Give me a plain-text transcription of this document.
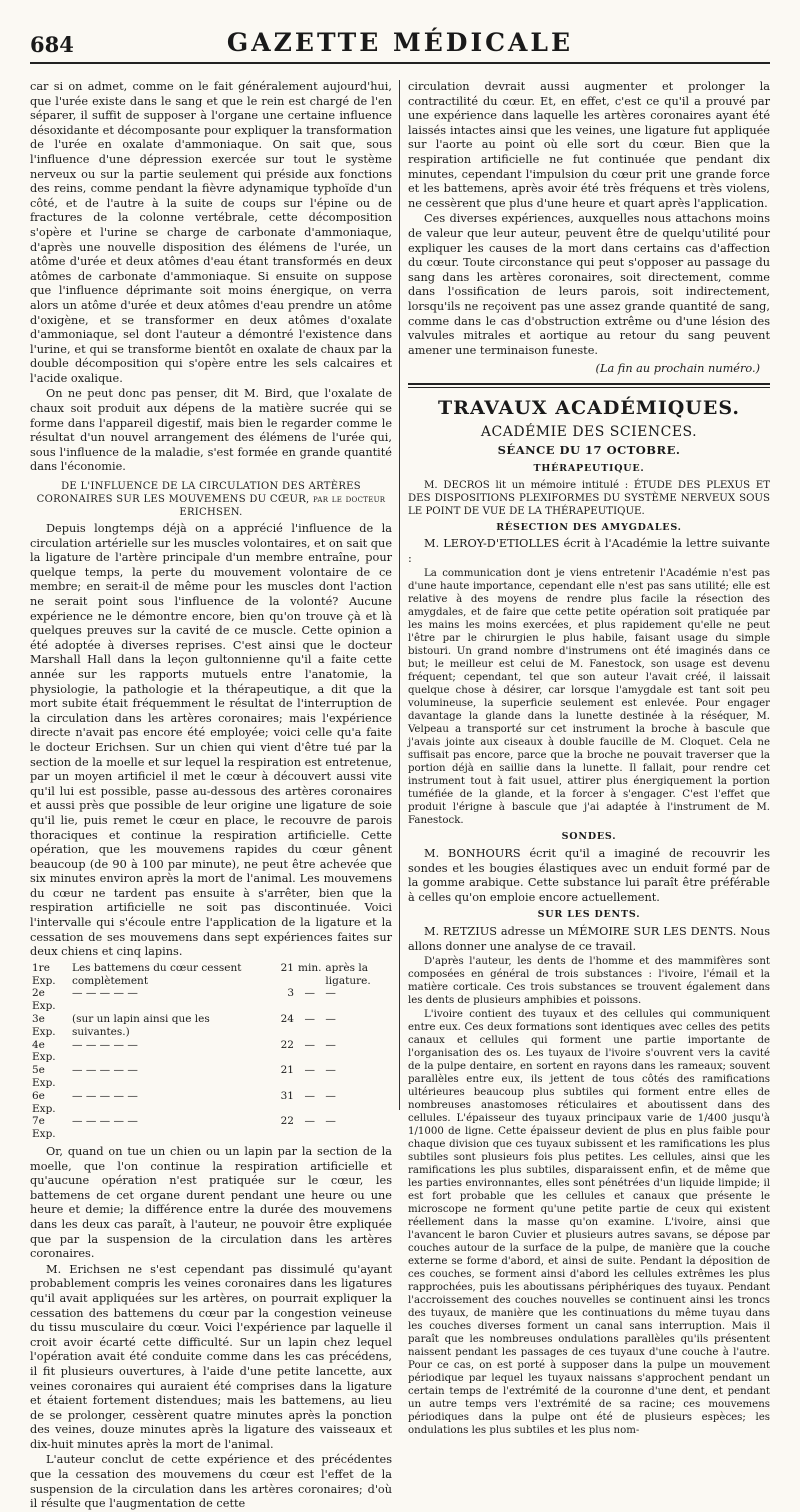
684	GAZETTE MÉDICALE

car si on admet, comme on le fait généralement aujourd'hui, que l'urée existe dans le sang et que le rein est chargé de l'en séparer, il suffit de supposer à l'organe une certaine influence désoxidante et décomposante pour expliquer la transformation de l'urée en oxalate d'ammoniaque. On sait que, sous l'influence d'une dépression exercée sur tout le système nerveux ou sur la partie seulement qui préside aux fonctions des reins, comme pendant la fièvre adynamique typhoïde d'un côté, et de l'autre à la suite de coups sur l'épine ou de fractures de la colonne vertébrale, cette décomposition s'opère et l'urine se charge de carbonate d'ammoniaque, d'après une nouvelle disposition des élémens de l'urée, un atôme d'urée et deux atômes d'eau étant transformés en deux atômes de carbonate d'ammoniaque. Si ensuite on suppose que l'influence déprimante soit moins énergique, on verra alors un atôme d'urée et deux atômes d'eau prendre un atôme d'oxigène, et se transformer en deux atômes d'oxalate d'ammoniaque, sel dont l'auteur a démontré l'existence dans l'urine, et qui se transforme bientôt en oxalate de chaux par la double décomposition qui s'opère entre les sels calcaires et l'acide oxalique.

On ne peut donc pas penser, dit M. Bird, que l'oxalate de chaux soit produit aux dépens de la matière sucrée qui se forme dans l'appareil digestif, mais bien le regarder comme le résultat d'un nouvel arrangement des élémens de l'urée qui, sous l'influence de la maladie, s'est formée en grande quantité dans l'économie.

DE L'INFLUENCE DE LA CIRCULATION DES ARTÈRES CORONAIRES SUR LES MOUVEMENS DU CŒUR, par le docteur ERICHSEN.

Depuis longtemps déjà on a apprécié l'influence de la circulation artérielle sur les muscles volontaires, et on sait que la ligature de l'artère principale d'un membre entraîne, pour quelque temps, la perte du mouvement volontaire de ce membre; en serait-il de même pour les muscles dont l'action ne serait point sous l'influence de la volonté? Aucune expérience ne le démontre encore, bien qu'on trouve çà et là quelques preuves sur la cavité de ce muscle. Cette opinion a été adoptée à diverses reprises. C'est ainsi que le docteur Marshall Hall dans la leçon gultonnienne qu'il a faite cette année sur les rapports mutuels entre l'anatomie, la physiologie, la pathologie et la thérapeutique, a dit que la mort subite était fréquemment le résultat de l'interruption de la circulation dans les artères coronaires; mais l'expérience directe n'avait pas encore été employée; voici celle qu'a faite le docteur Erichsen. Sur un chien qui vient d'être tué par la section de la moelle et sur lequel la respiration est entretenue, par un moyen artificiel il met le cœur à découvert aussi vite qu'il lui est possible, passe au-dessous des artères coronaires et aussi près que possible de leur origine une ligature de soie qu'il lie, puis remet le cœur en place, le recouvre de parois thoraciques et continue la respiration artificielle. Cette opération, que les mouvemens rapides du cœur gênent beaucoup (de 90 à 100 par minute), ne peut être achevée que six minutes environ après la mort de l'animal. Les mouvemens du cœur ne tardent pas ensuite à s'arrêter, bien que la respiration artificielle ne soit pas discontinuée. Voici l'intervalle qui s'écoule entre l'application de la ligature et la cessation de ses mouvemens dans sept expériences faites sur deux chiens et cinq lapins.

1re Exp.	Les battemens du cœur cessent complètement	21	min.	après la ligature.
2e Exp.	— — — — —	3	—	—
3e Exp.	(sur un lapin ainsi que les suivantes.)	24	—	—
4e Exp.	— — — — —	22	—	—
5e Exp.	— — — — —	21	—	—
6e Exp.	— — — — —	31	—	—
7e Exp.	— — — — —	22	—	—

Or, quand on tue un chien ou un lapin par la section de la moelle, que l'on continue la respiration artificielle et qu'aucune opération n'est pratiquée sur le cœur, les battemens de cet organe durent pendant une heure ou une heure et demie; la différence entre la durée des mouvemens dans les deux cas paraît, à l'auteur, ne pouvoir être expliquée que par la suspension de la circulation dans les artères coronaires.

M. Erichsen ne s'est cependant pas dissimulé qu'ayant probablement compris les veines coronaires dans les ligatures qu'il avait appliquées sur les artères, on pourrait expliquer la cessation des battemens du cœur par la congestion veineuse du tissu musculaire du cœur. Voici l'expérience par laquelle il croit avoir écarté cette difficulté. Sur un lapin chez lequel l'opération avait été conduite comme dans les cas précédens, il fit plusieurs ouvertures, à l'aide d'une petite lancette, aux veines coronaires qui auraient été comprises dans la ligature et étaient fortement distendues; mais les battemens, au lieu de se prolonger, cessèrent quatre minutes après la ponction des veines, douze minutes après la ligature des vaisseaux et dix-huit minutes après la mort de l'animal.

L'auteur conclut de cette expérience et des précédentes que la cessation des mouvemens du cœur est l'effet de la suspension de la circulation dans les artères coronaires; d'où il résulte que l'augmentation de cette

circulation devrait aussi augmenter et prolonger la contractilité du cœur. Et, en effet, c'est ce qu'il a prouvé par une expérience dans laquelle les artères coronaires ayant été laissés intactes ainsi que les veines, une ligature fut appliquée sur l'aorte au point où elle sort du cœur. Bien que la respiration artificielle ne fut continuée que pendant dix minutes, cependant l'impulsion du cœur prit une grande force et les battemens, après avoir été très fréquens et très violens, ne cessèrent que plus d'une heure et quart après l'application.

Ces diverses expériences, auxquelles nous attachons moins de valeur que leur auteur, peuvent être de quelqu'utilité pour expliquer les causes de la mort dans certains cas d'affection du cœur. Toute circonstance qui peut s'opposer au passage du sang dans les artères coronaires, soit directement, comme dans l'ossification de leurs parois, soit indirectement, lorsqu'ils ne reçoivent pas une assez grande quantité de sang, comme dans le cas d'obstruction extrême ou d'une lésion des valvules mitrales et aortique au retour du sang peuvent amener une terminaison funeste.

(La fin au prochain numéro.)
TRAVAUX ACADÉMIQUES.
ACADÉMIE DES SCIENCES.
SÉANCE DU 17 OCTOBRE.
THÉRAPEUTIQUE.

M. DECROS lit un mémoire intitulé : ÉTUDE DES PLEXUS ET DES DISPOSITIONS PLEXIFORMES DU SYSTÈME NERVEUX SOUS LE POINT DE VUE DE LA THÉRAPEUTIQUE.

RÉSECTION DES AMYGDALES.

M. LEROY-D'ETIOLLES écrit à l'Académie la lettre suivante :

La communication dont je viens entretenir l'Académie n'est pas d'une haute importance, cependant elle n'est pas sans utilité; elle est relative à des moyens de rendre plus facile la résection des amygdales, et de faire que cette petite opération soit pratiquée par les mains les moins exercées, et plus rapidement qu'elle ne peut l'être par le chirurgien le plus habile, faisant usage du simple bistouri. Un grand nombre d'instrumens ont été imaginés dans ce but; le meilleur est celui de M. Fanestock, son usage est devenu fréquent; cependant, tel que son auteur l'avait créé, il laissait quelque chose à désirer, car lorsque l'amygdale est tant soit peu volumineuse, la superficie seulement est enlevée. Pour engager davantage la glande dans la lunette destinée à la réséquer, M. Velpeau a transporté sur cet instrument la broche à bascule que j'avais jointe aux ciseaux à double faucille de M. Cloquet. Cela ne suffisait pas encore, parce que la broche ne pouvait traverser que la portion déjà en saillie dans la lunette. Il fallait, pour rendre cet instrument tout à fait usuel, attirer plus énergiquement la portion tuméfiée de la glande, et la forcer à s'engager. C'est l'effet que produit l'érigne à bascule que j'ai adaptée à l'instrument de M. Fanestock.

SONDES.

M. BONHOURS écrit qu'il a imaginé de recouvrir les sondes et les bougies élastiques avec un enduit formé par de la gomme arabique. Cette substance lui paraît être préférable à celles qu'on emploie encore actuellement.

SUR LES DENTS.

M. RETZIUS adresse un MÉMOIRE SUR LES DENTS. Nous allons donner une analyse de ce travail.

D'après l'auteur, les dents de l'homme et des mammifères sont composées en général de trois substances : l'ivoire, l'émail et la matière corticale. Ces trois substances se trouvent également dans les dents de plusieurs amphibies et poissons.

L'ivoire contient des tuyaux et des cellules qui communiquent entre eux. Ces deux formations sont identiques avec celles des petits canaux et cellules qui forment une partie importante de l'organisation des os. Les tuyaux de l'ivoire s'ouvrent vers la cavité de la pulpe dentaire, en sortent en rayons dans les rameaux; souvent parallèles entre eux, ils jettent de tous côtés des ramifications ultérieures beaucoup plus subtiles qui forment entre elles de nombreuses anastomoses réticulaires et aboutissent dans des cellules. L'épaisseur des tuyaux principaux varie de 1/400 jusqu'à 1/1000 de ligne. Cette épaisseur devient de plus en plus faible pour chaque division que ces tuyaux subissent et les ramifications les plus subtiles sont plusieurs fois plus petites. Les cellules, ainsi que les ramifications les plus subtiles, disparaissent enfin, et de même que les parties environnantes, elles sont pénétrées d'un liquide limpide; il est fort probable que les cellules et canaux que présente le microscope ne forment qu'une petite partie de ceux qui existent réellement dans la masse qu'on examine. L'ivoire, ainsi que l'avancent le baron Cuvier et plusieurs autres savans, se dépose par couches autour de la surface de la pulpe, de manière que la couche externe se forme d'abord, et ainsi de suite. Pendant la déposition de ces couches, se forment ainsi d'abord les cellules extrêmes les plus rapprochées, puis les aboutissans périphériques des tuyaux. Pendant l'accroissement des couches nouvelles se continuent ainsi les troncs des tuyaux, de manière que les continuations du même tuyau dans les couches diverses forment un canal sans interruption. Mais il paraît que les nombreuses ondulations parallèles qu'ils présentent naissent pendant les passages de ces tuyaux d'une couche à l'autre. Pour ce cas, on est porté à supposer dans la pulpe un mouvement périodique par lequel les tuyaux naissans s'approchent pendant un certain temps de l'extrémité de la couronne d'une dent, et pendant un autre temps vers l'extrémité de sa racine; ces mouvemens périodiques dans la pulpe ont été de plusieurs espèces; les ondulations les plus subtiles et les plus nom-
